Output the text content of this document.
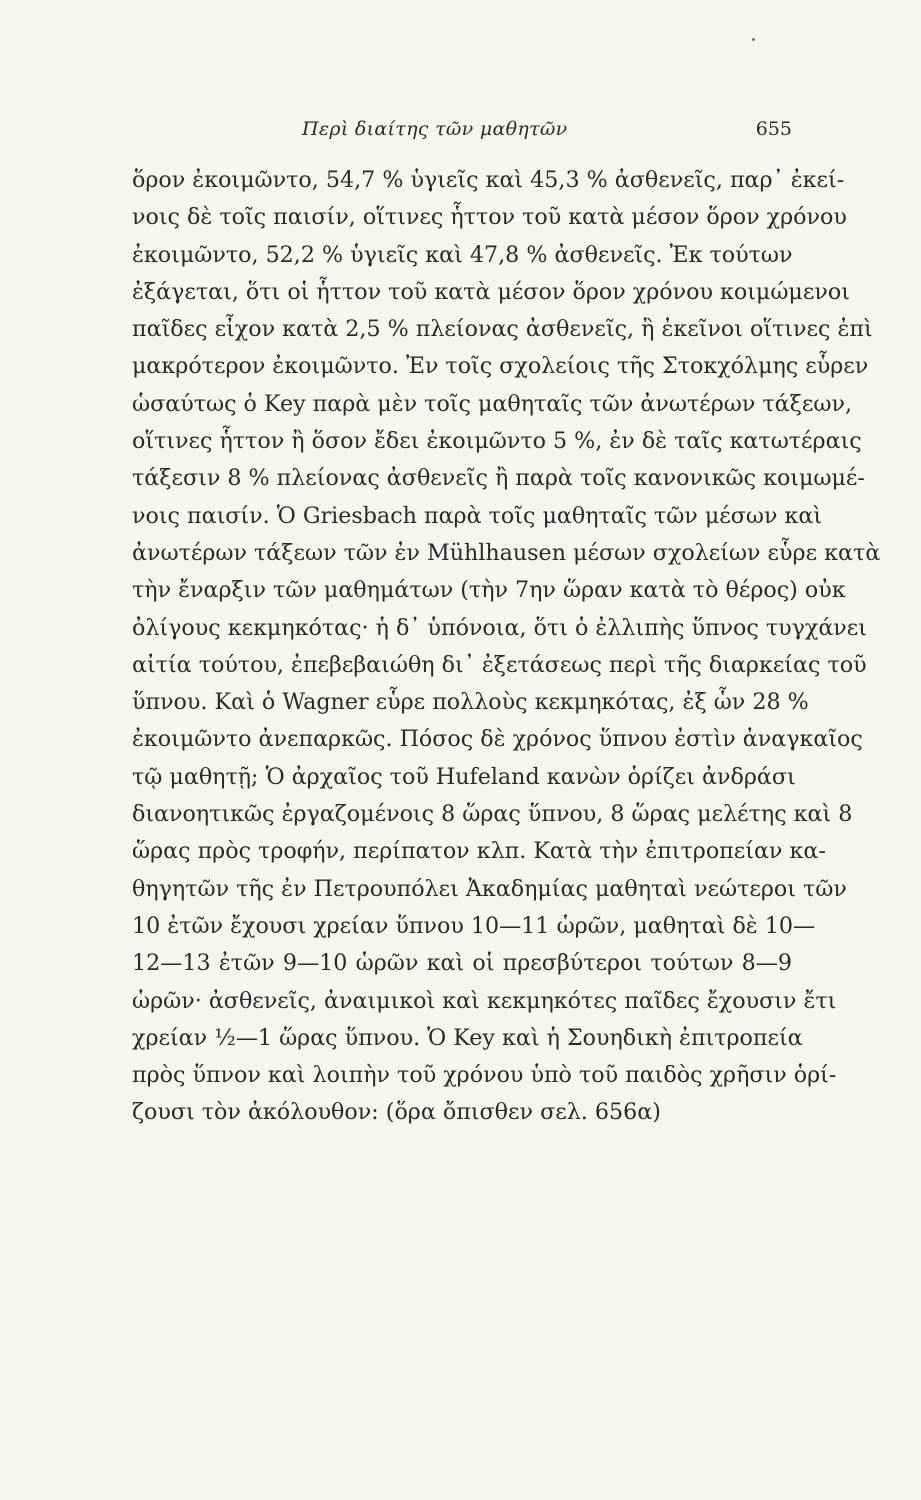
Περὶ διαίτης τῶν μαθητῶν	655
ὅρον ἐκοιμῶντο, 54,7 % ὑγιεῖς καὶ 45,3 % ἀσθενεῖς, παρ᾽ ἐκεί-
νοις δὲ τοῖς παισίν, οἵτινες ἧττον τοῦ κατὰ μέσον ὅρον χρόνου
ἐκοιμῶντο, 52,2 % ὑγιεῖς καὶ 47,8 % ἀσθενεῖς. Ἐκ τούτων
ἐξάγεται, ὅτι οἱ ἧττον τοῦ κατὰ μέσον ὅρον χρόνου κοιμώμενοι
παῖδες εἶχον κατὰ 2,5 % πλείονας ἀσθενεῖς, ἢ ἐκεῖνοι οἵτινες ἐπὶ
μακρότερον ἐκοιμῶντο. Ἐν τοῖς σχολείοις τῆς Στοκχόλμης εὗρεν
ὡσαύτως ὁ Key παρὰ μὲν τοῖς μαθηταῖς τῶν ἀνωτέρων τάξεων,
οἵτινες ἧττον ἢ ὅσον ἔδει ἐκοιμῶντο 5 %, ἐν δὲ ταῖς κατωτέραις
τάξεσιν 8 % πλείονας ἀσθενεῖς ἢ παρὰ τοῖς κανονικῶς κοιμωμέ-
νοις παισίν. Ὁ Griesbach παρὰ τοῖς μαθηταῖς τῶν μέσων καὶ
ἀνωτέρων τάξεων τῶν ἐν Mühlhausen μέσων σχολείων εὗρε κατὰ
τὴν ἔναρξιν τῶν μαθημάτων (τὴν 7ην ὥραν κατὰ τὸ θέρος) οὐκ
ὀλίγους κεκμηκότας· ἡ δ᾽ ὑπόνοια, ὅτι ὁ ἐλλιπὴς ὕπνος τυγχάνει
αἰτία τούτου, ἐπεβεβαιώθη δι᾽ ἐξετάσεως περὶ τῆς διαρκείας τοῦ
ὕπνου. Καὶ ὁ Wagner εὗρε πολλοὺς κεκμηκότας, ἐξ ὧν 28 %
ἐκοιμῶντο ἀνεπαρκῶς. Πόσος δὲ χρόνος ὕπνου ἐστὶν ἀναγκαῖος
τῷ μαθητῇ; Ὁ ἀρχαῖος τοῦ Hufeland κανὼν ὁρίζει ἀνδράσι
διανοητικῶς ἐργαζομένοις 8 ὥρας ὕπνου, 8 ὥρας μελέτης καὶ 8
ὥρας πρὸς τροφήν, περίπατον κλπ. Κατὰ τὴν ἐπιτροπείαν κα-
θηγητῶν τῆς ἐν Πετρουπόλει Ἀκαδημίας μαθηταὶ νεώτεροι τῶν
10 ἐτῶν ἔχουσι χρείαν ὕπνου 10—11 ὡρῶν, μαθηταὶ δὲ 10—
12—13 ἐτῶν 9—10 ὡρῶν καὶ οἱ πρεσβύτεροι τούτων 8—9
ὡρῶν· ἀσθενεῖς, ἀναιμικοὶ καὶ κεκμηκότες παῖδες ἔχουσιν ἔτι
χρείαν ½—1 ὥρας ὕπνου. Ὁ Key καὶ ἡ Σουηδικὴ ἐπιτροπεία
πρὸς ὕπνον καὶ λοιπὴν τοῦ χρόνου ὑπὸ τοῦ παιδὸς χρῆσιν ὁρί-
ζουσι τὸν ἀκόλουθον: (ὅρα ὄπισθεν σελ. 656α)
